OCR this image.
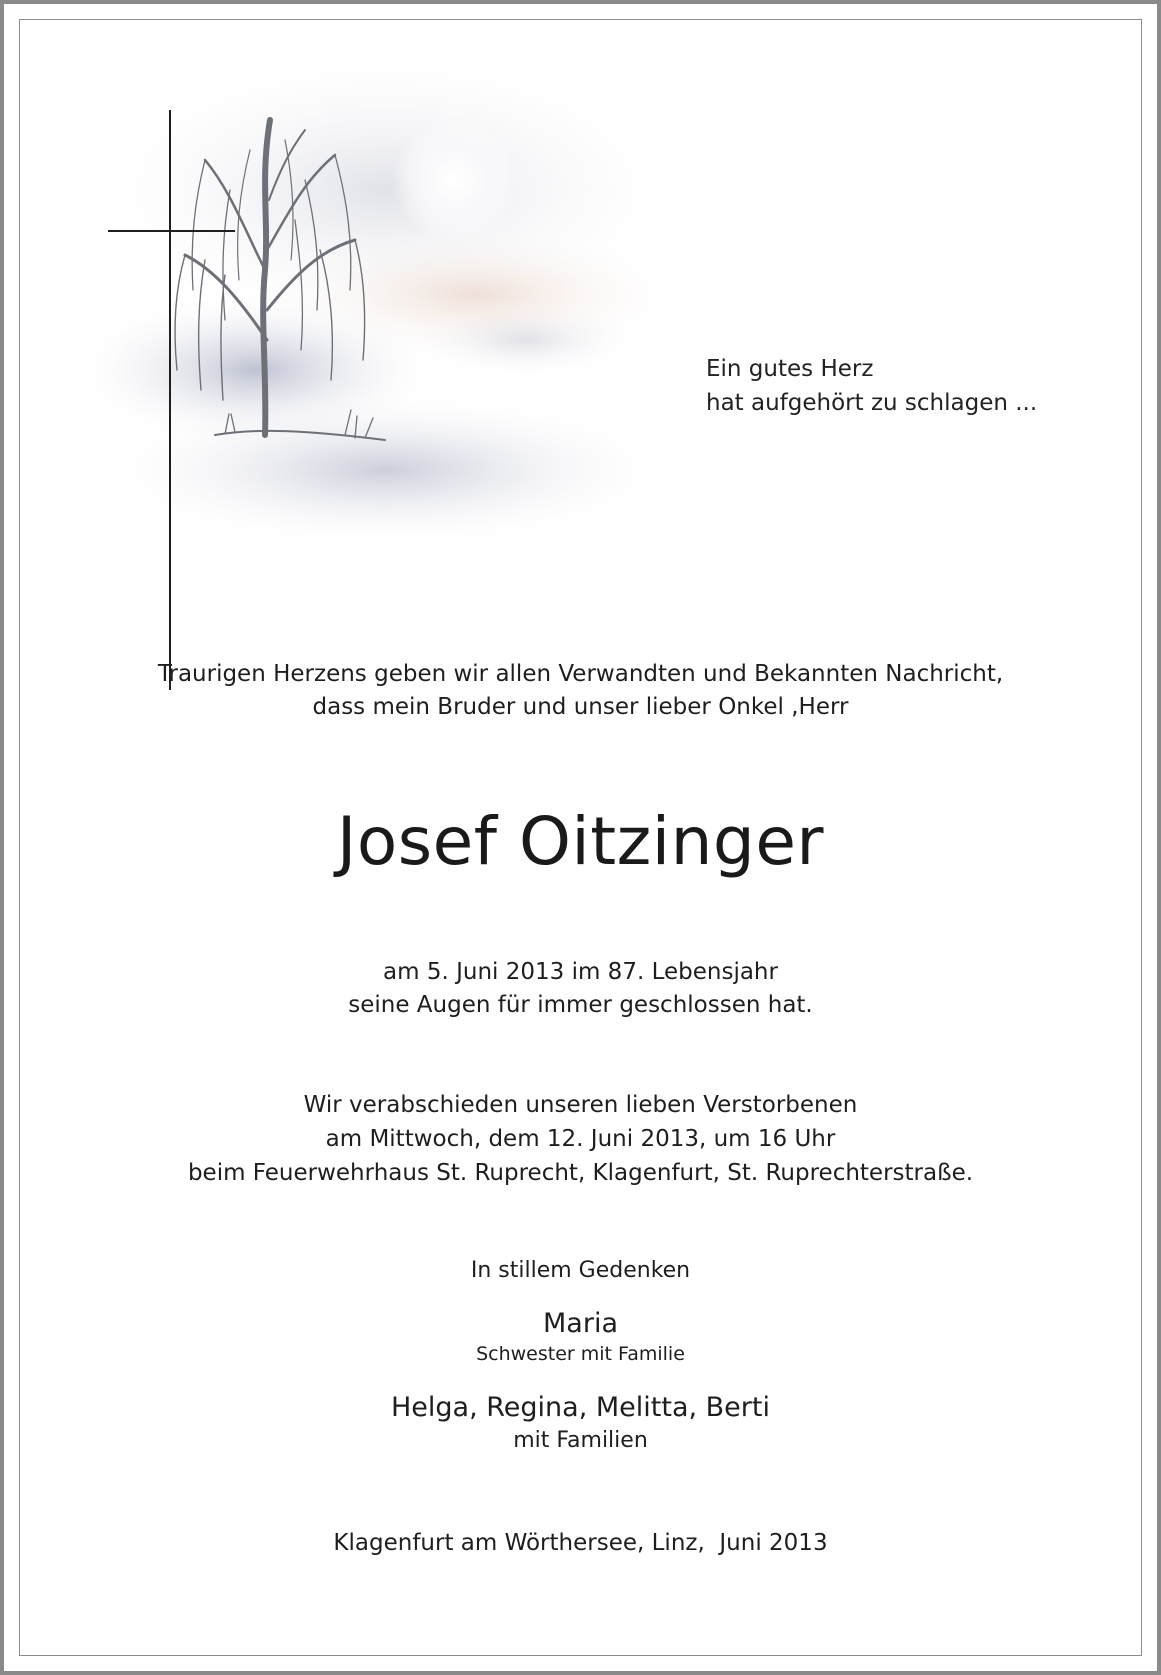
Ein gutes Herz
hat aufgehört zu schlagen ...
Traurigen Herzens geben wir allen Verwandten und Bekannten Nachricht,
dass mein Bruder und unser lieber Onkel ,Herr
Josef Oitzinger
am 5. Juni 2013 im 87. Lebensjahr
seine Augen für immer geschlossen hat.
Wir verabschieden unseren lieben Verstorbenen
am Mittwoch, dem 12. Juni 2013, um 16 Uhr
beim Feuerwehrhaus St. Ruprecht, Klagenfurt, St. Ruprechterstraße.
In stillem Gedenken
Maria
Schwester mit Familie
Helga, Regina, Melitta, Berti
mit Familien
Klagenfurt am Wörthersee, Linz,  Juni 2013
